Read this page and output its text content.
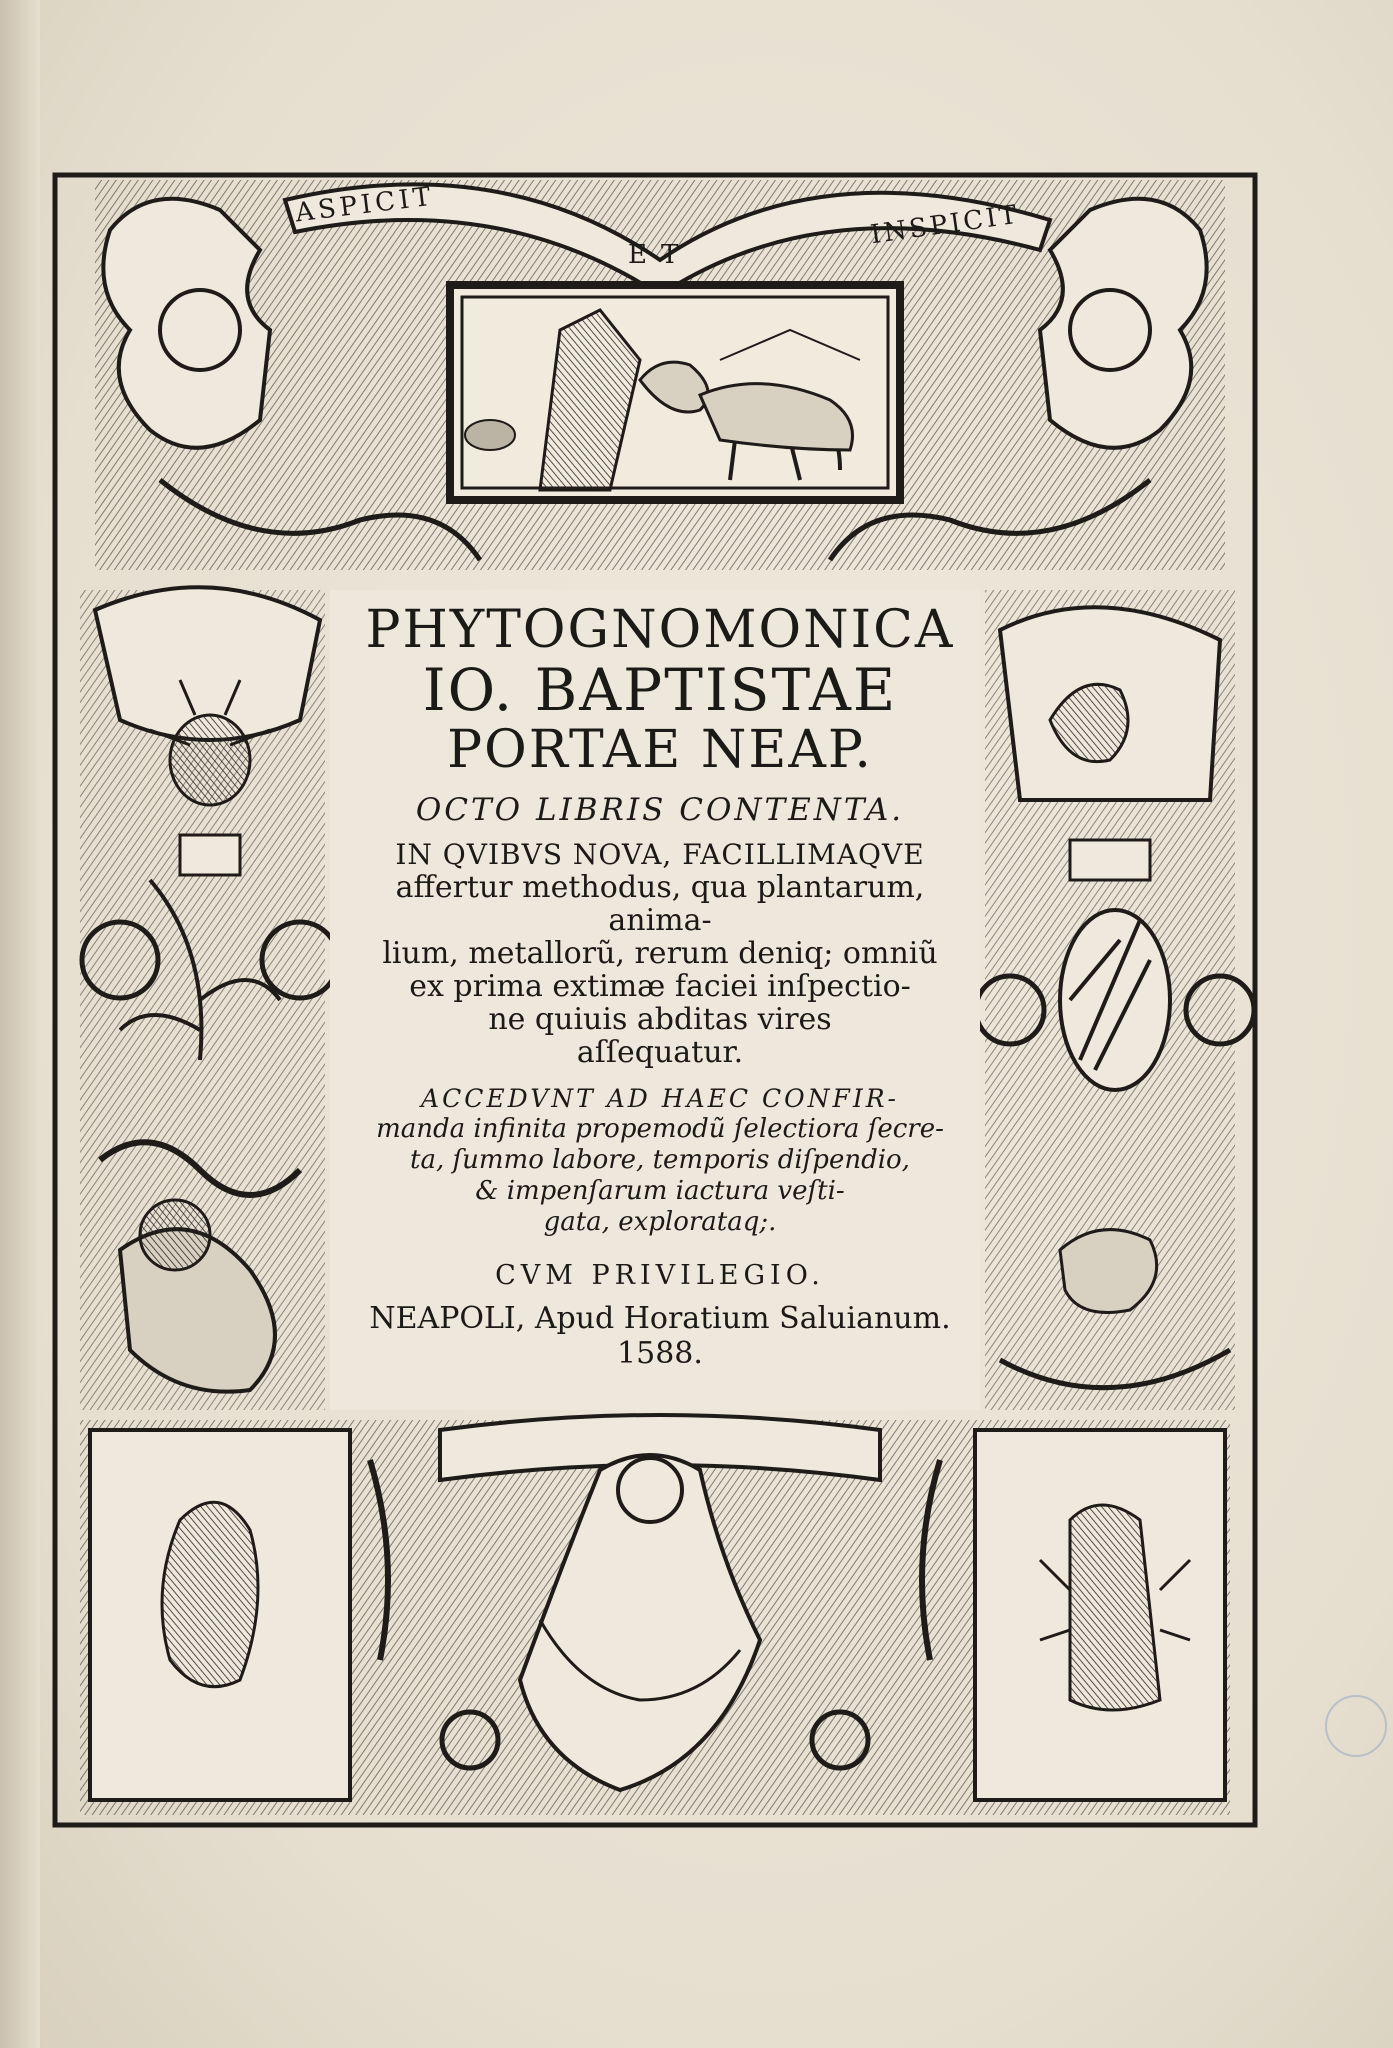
ASPICIT
ET
INSPICIT

PHYTOGNOMONICA

IO. BAPTISTAE

PORTAE NEAP.

OCTO LIBRIS CONTENTA.
IN QVIBVS NOVA, FACILLIMAQVE
affertur methodus, qua plantarum, anima-
lium, metallorũ, rerum deniq; omniũ
ex prima extimæ faciei inſpectio-
ne quiuis abditas vires
aſſequatur.
ACCEDVNT AD HAEC CONFIR-
manda infinita propemodũ ſelectiora ſecre-
ta, ſummo labore, temporis diſpendio,
& impenſarum iactura veſti-
gata, explorataq;.
CVM PRIVILEGIO.
NEAPOLI, Apud Horatium Saluianum. 1588.
